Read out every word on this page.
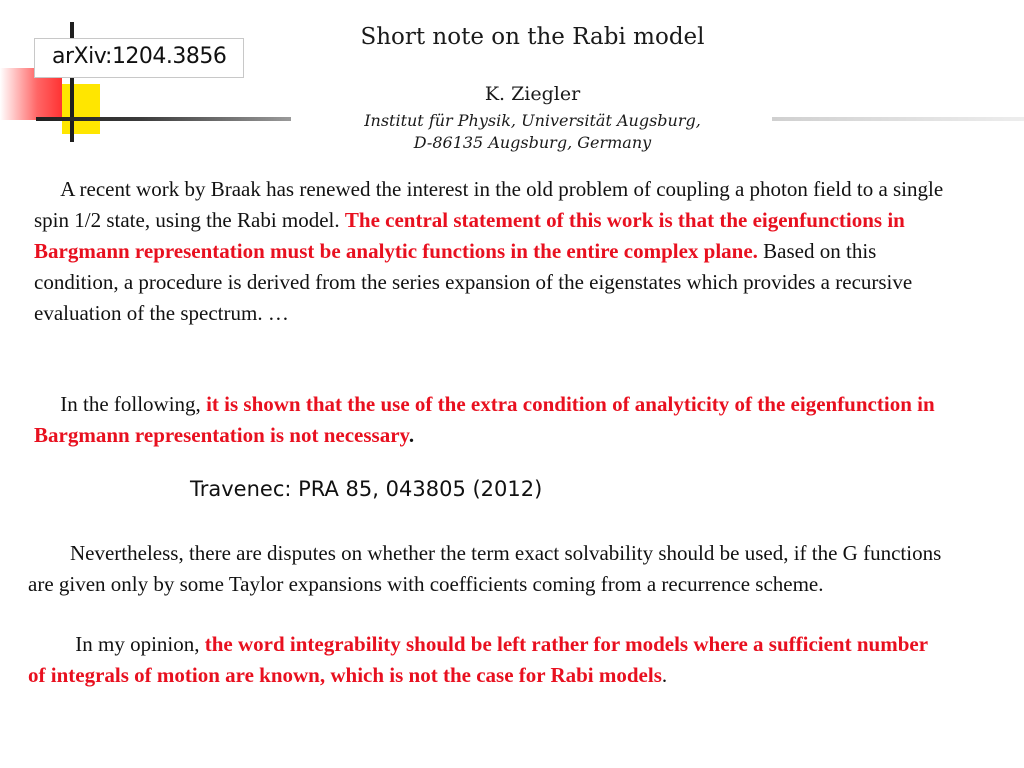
arXiv:1204.3856
Short note on the Rabi model
K. Ziegler
Institut für Physik, Universität Augsburg,
D-86135 Augsburg, Germany
A recent work by Braak has renewed the interest in the old problem of coupling a photon field to a single spin 1/2 state, using the Rabi model. The central statement of this work is that the eigenfunctions in Bargmann representation must be analytic functions in the entire complex plane. Based on this condition, a procedure is derived from the series expansion of the eigenstates which provides a recursive evaluation of the spectrum. …
In the following, it is shown that the use of the extra condition of analyticity of the eigenfunction in Bargmann representation is not necessary.
Travenec: PRA 85, 043805 (2012)
Nevertheless, there are disputes on whether the term exact solvability should be used, if the G functions are given only by some Taylor expansions with coefficients coming from a recurrence scheme.
In my opinion, the word integrability should be left rather for models where a sufficient number of integrals of motion are known, which is not the case for Rabi models.
